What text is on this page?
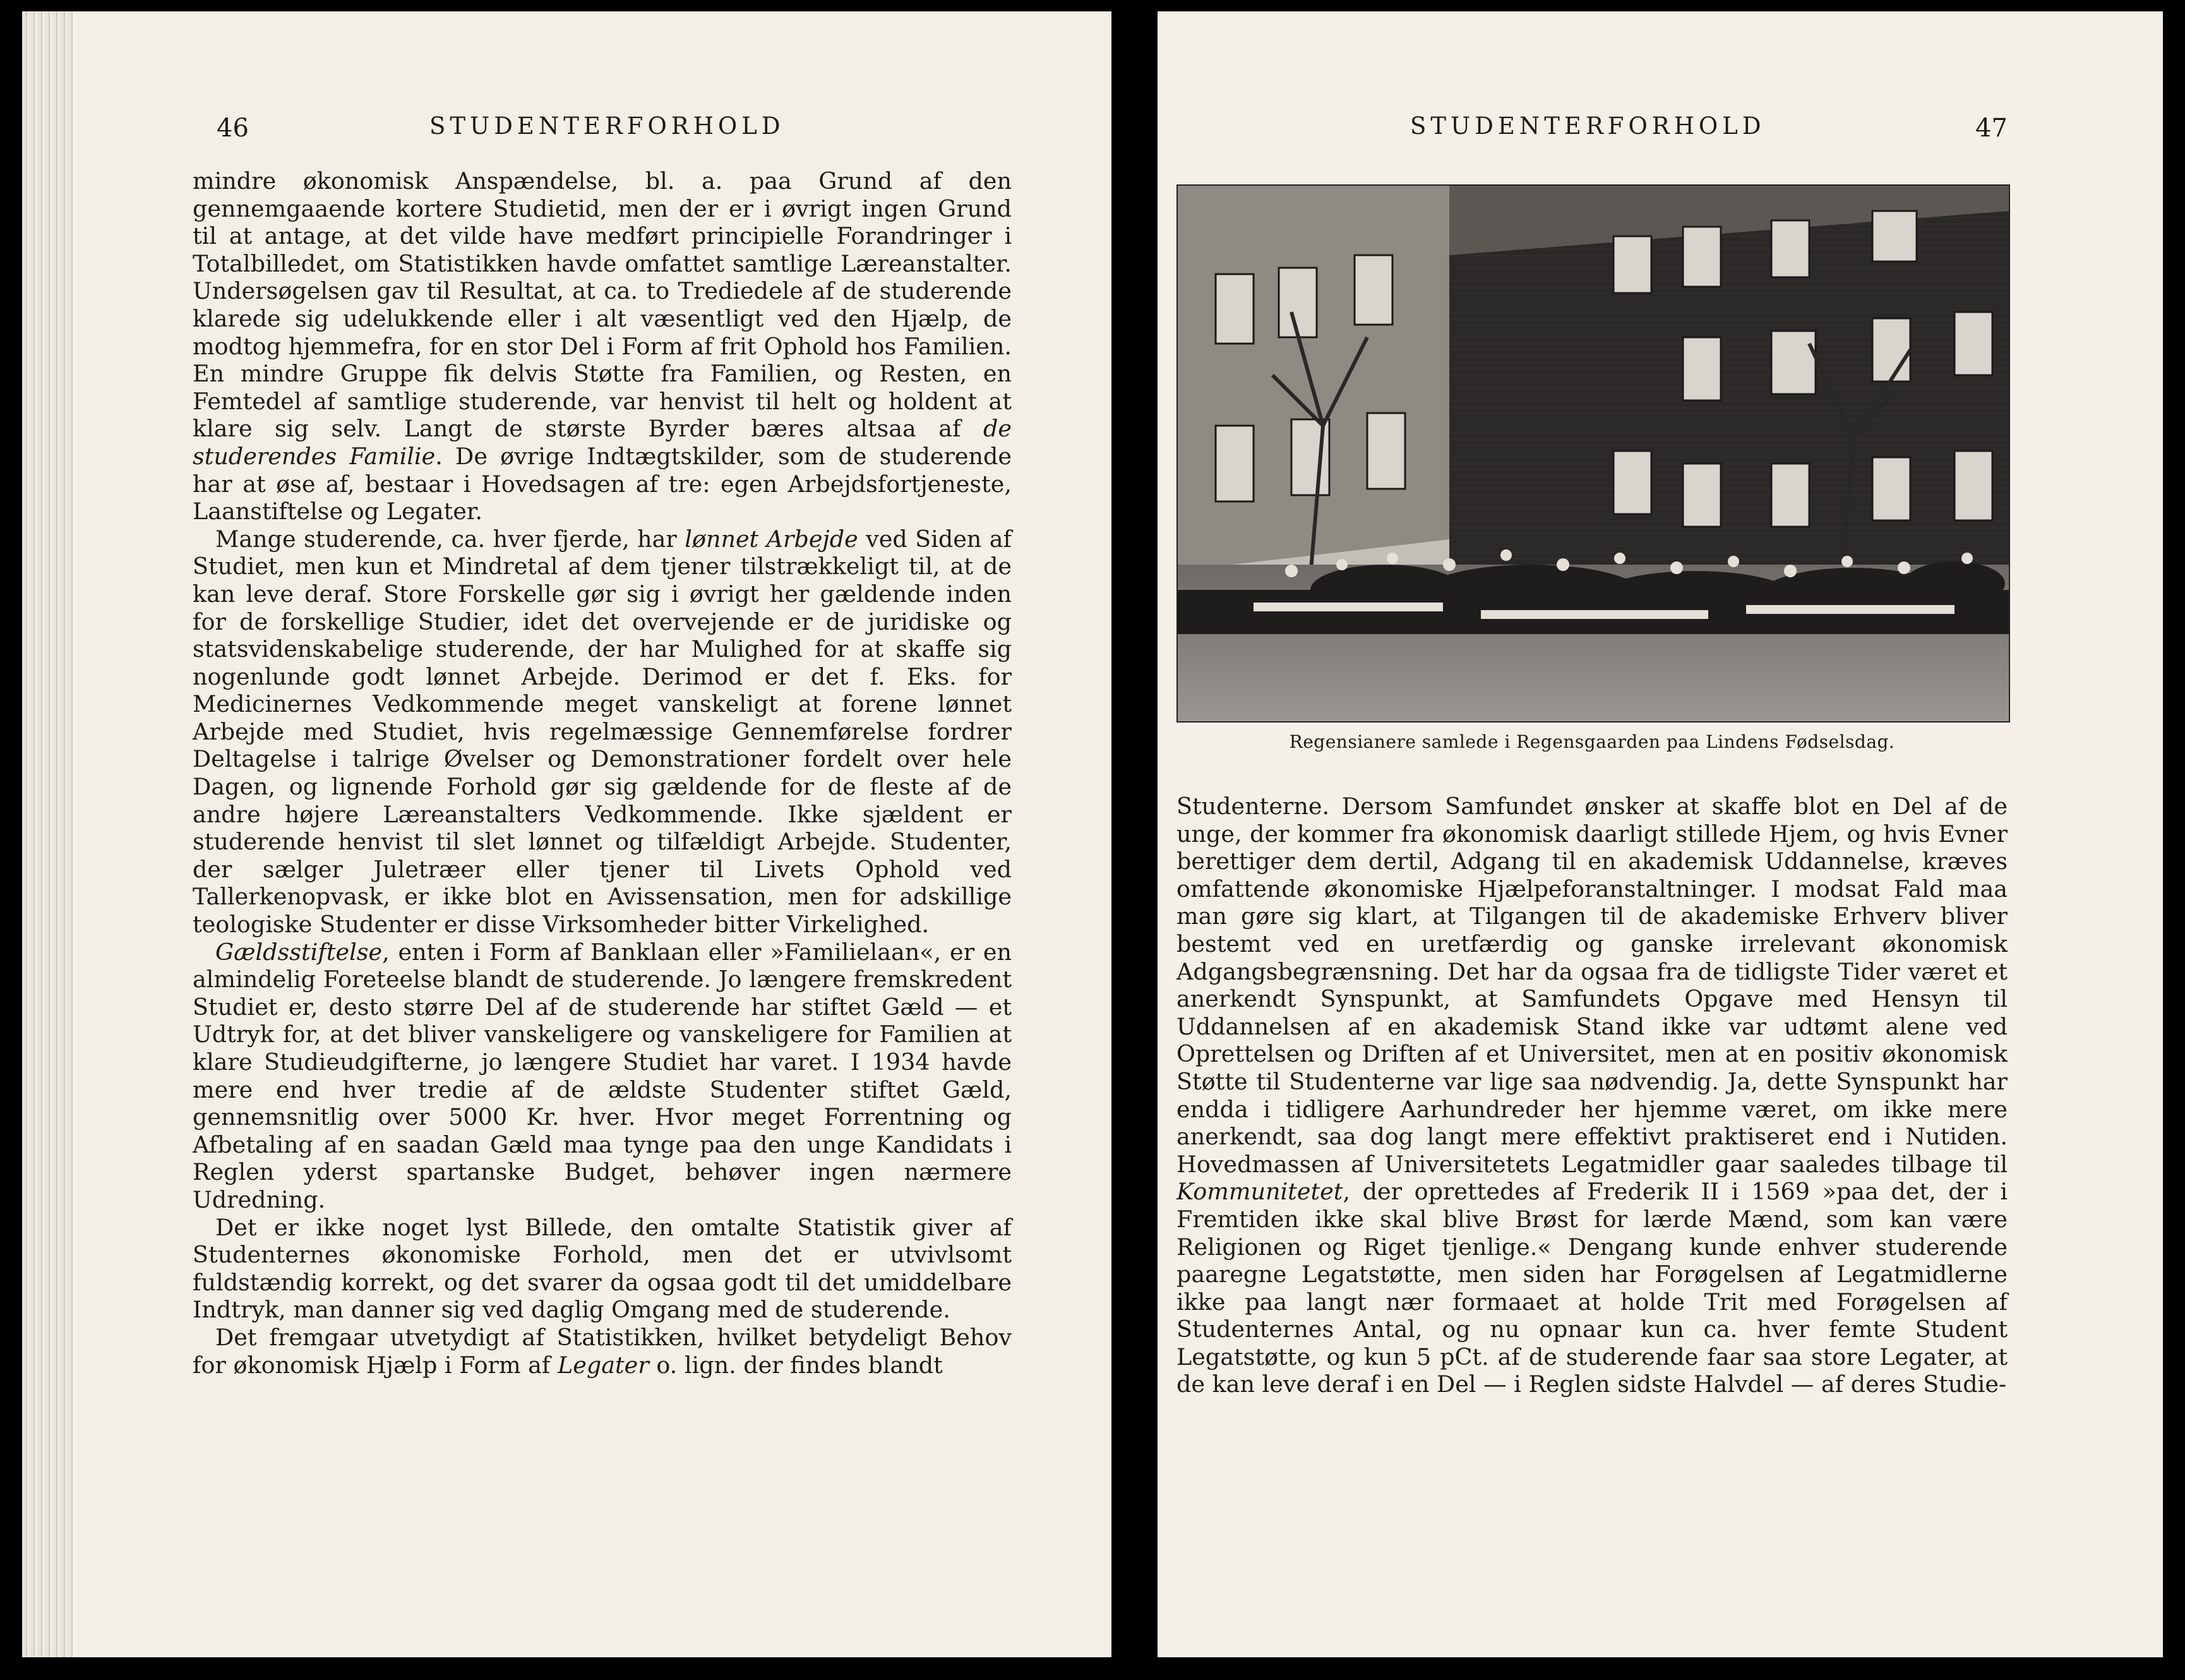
46	STUDENTERFORHOLD	STUDENTERFORHOLD	47

mindre økonomisk Anspændelse, bl. a. paa Grund af den gennemgaaende kortere Studietid, men der er i øvrigt ingen Grund til at antage, at det vilde have medført principielle Forandringer i Totalbilledet, om Statistikken havde omfattet samtlige Læreanstalter. Undersøgelsen gav til Resultat, at ca. to Trediedele af de studerende klarede sig udelukkende eller i alt væsentligt ved den Hjælp, de modtog hjemmefra, for en stor Del i Form af frit Ophold hos Familien. En mindre Gruppe fik delvis Støtte fra Familien, og Resten, en Femtedel af samtlige studerende, var henvist til helt og holdent at klare sig selv. Langt de største Byrder bæres altsaa af de studerendes Familie. De øvrige Indtægtskilder, som de studerende har at øse af, bestaar i Hovedsagen af tre: egen Arbejdsfortjeneste, Laanstiftelse og Legater.

Mange studerende, ca. hver fjerde, har lønnet Arbejde ved Siden af Studiet, men kun et Mindretal af dem tjener tilstrækkeligt til, at de kan leve deraf. Store Forskelle gør sig i øvrigt her gældende inden for de forskellige Studier, idet det overvejende er de juridiske og statsvidenskabelige studerende, der har Mulighed for at skaffe sig nogenlunde godt lønnet Arbejde. Derimod er det f. Eks. for Medicinernes Vedkommende meget vanskeligt at forene lønnet Arbejde med Studiet, hvis regelmæssige Gennemførelse fordrer Deltagelse i talrige Øvelser og Demonstrationer fordelt over hele Dagen, og lignende Forhold gør sig gældende for de fleste af de andre højere Læreanstalters Vedkommende. Ikke sjældent er studerende henvist til slet lønnet og tilfældigt Arbejde. Studenter, der sælger Juletræer eller tjener til Livets Ophold ved Tallerkenopvask, er ikke blot en Avissensation, men for adskillige teologiske Studenter er disse Virksomheder bitter Virkelighed.

Gældsstiftelse, enten i Form af Banklaan eller »Familielaan«, er en almindelig Foreteelse blandt de studerende. Jo længere fremskredent Studiet er, desto større Del af de studerende har stiftet Gæld — et Udtryk for, at det bliver vanskeligere og vanskeligere for Familien at klare Studieudgifterne, jo længere Studiet har varet. I 1934 havde mere end hver tredie af de ældste Studenter stiftet Gæld, gennemsnitlig over 5000 Kr. hver. Hvor meget Forrentning og Afbetaling af en saadan Gæld maa tynge paa den unge Kandidats i Reglen yderst spartanske Budget, behøver ingen nærmere Udredning.

Det er ikke noget lyst Billede, den omtalte Statistik giver af Studenternes økonomiske Forhold, men det er utvivlsomt fuldstændig korrekt, og det svarer da ogsaa godt til det umiddelbare Indtryk, man danner sig ved daglig Omgang med de studerende.

Det fremgaar utvetydigt af Statistikken, hvilket betydeligt Behov for økonomisk Hjælp i Form af Legater o. lign. der findes blandt

Regensianere samlede i Regensgaarden paa Lindens Fødselsdag.

Studenterne. Dersom Samfundet ønsker at skaffe blot en Del af de unge, der kommer fra økonomisk daarligt stillede Hjem, og hvis Evner berettiger dem dertil, Adgang til en akademisk Uddannelse, kræves omfattende økonomiske Hjælpeforanstaltninger. I modsat Fald maa man gøre sig klart, at Tilgangen til de akademiske Erhverv bliver bestemt ved en uretfærdig og ganske irrelevant økonomisk Adgangsbegrænsning. Det har da ogsaa fra de tidligste Tider været et anerkendt Synspunkt, at Samfundets Opgave med Hensyn til Uddannelsen af en akademisk Stand ikke var udtømt alene ved Oprettelsen og Driften af et Universitet, men at en positiv økonomisk Støtte til Studenterne var lige saa nødvendig. Ja, dette Synspunkt har endda i tidligere Aarhundreder her hjemme været, om ikke mere anerkendt, saa dog langt mere effektivt praktiseret end i Nutiden. Hovedmassen af Universitetets Legatmidler gaar saaledes tilbage til Kommunitetet, der oprettedes af Frederik II i 1569 »paa det, der i Fremtiden ikke skal blive Brøst for lærde Mænd, som kan være Religionen og Riget tjenlige.« Dengang kunde enhver studerende paaregne Legatstøtte, men siden har Forøgelsen af Legatmidlerne ikke paa langt nær formaaet at holde Trit med Forøgelsen af Studenternes Antal, og nu opnaar kun ca. hver femte Student Legatstøtte, og kun 5 pCt. af de studerende faar saa store Legater, at de kan leve deraf i en Del — i Reglen sidste Halvdel — af deres Studie-
